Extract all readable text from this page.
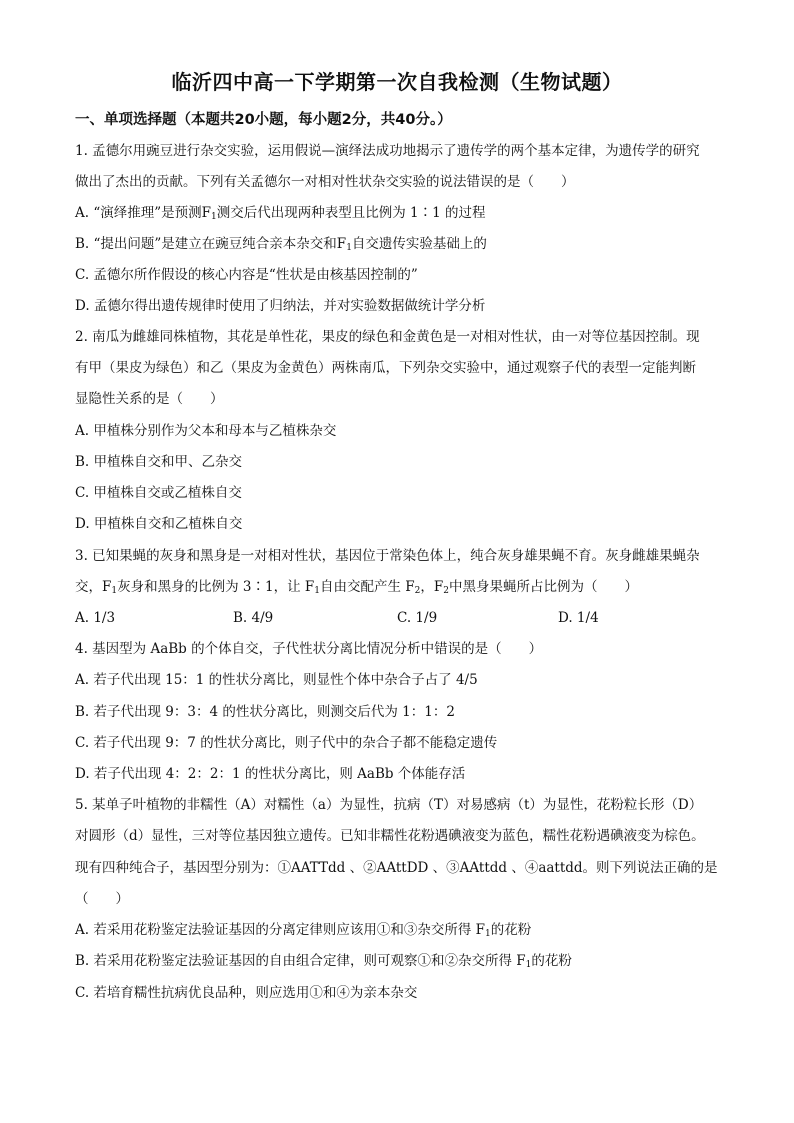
临沂四中高一下学期第一次自我检测（生物试题）
一、单项选择题（本题共20小题，每小题2分，共40分。）
1. 孟德尔用豌豆进行杂交实验，运用假说—演绎法成功地揭示了遗传学的两个基本定律，为遗传学的研究
做出了杰出的贡献。下列有关孟德尔一对相对性状杂交实验的说法错误的是（　　）
A. “演绎推理”是预测$F_1$测交后代出现两种表型且比例为 1∶1 的过程
B. “提出问题”是建立在豌豆纯合亲本杂交和$F_1$自交遗传实验基础上的
C. 孟德尔所作假设的核心内容是“性状是由核基因控制的”
D. 孟德尔得出遗传规律时使用了归纳法，并对实验数据做统计学分析
2. 南瓜为雌雄同株植物，其花是单性花，果皮的绿色和金黄色是一对相对性状，由一对等位基因控制。现
有甲（果皮为绿色）和乙（果皮为金黄色）两株南瓜，下列杂交实验中，通过观察子代的表型一定能判断
显隐性关系的是（　　）
A. 甲植株分别作为父本和母本与乙植株杂交
B. 甲植株自交和甲、乙杂交
C. 甲植株自交或乙植株自交
D. 甲植株自交和乙植株自交
3. 已知果蝇的灰身和黑身是一对相对性状，基因位于常染色体上，纯合灰身雄果蝇不育。灰身雌雄果蝇杂
交，$F_1$灰身和黑身的比例为 3∶1，让 $F_1$自由交配产生 $F_2$，$F_2$中黑身果蝇所占比例为（　　）
A. 1/3	B. 4/9	C. 1/9	D. 1/4
4. 基因型为 AaBb 的个体自交，子代性状分离比情况分析中错误的是（　　）
A. 若子代出现 15：1 的性状分离比，则显性个体中杂合子占了 4/5
B. 若子代出现 9：3：4 的性状分离比，则测交后代为 1：1：2
C. 若子代出现 9：7 的性状分离比，则子代中的杂合子都不能稳定遗传
D. 若子代出现 4：2：2：1 的性状分离比，则 AaBb 个体能存活
5. 某单子叶植物的非糯性（A）对糯性（a）为显性，抗病（T）对易感病（t）为显性，花粉粒长形（D）
对圆形（d）显性，三对等位基因独立遗传。已知非糯性花粉遇碘液变为蓝色，糯性花粉遇碘液变为棕色。
现有四种纯合子，基因型分别为：①AATTdd 、②AAttDD 、③AAttdd 、④aattdd。则下列说法正确的是
（　　）
A. 若采用花粉鉴定法验证基因的分离定律则应该用①和③杂交所得 $F_1$的花粉
B. 若采用花粉鉴定法验证基因的自由组合定律，则可观察①和②杂交所得 $F_1$的花粉
C. 若培育糯性抗病优良品种，则应选用①和④为亲本杂交
